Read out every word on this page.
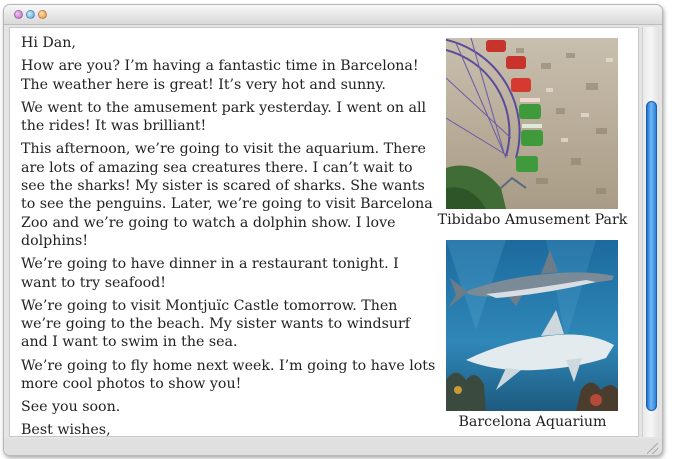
Hi Dan,

How are you? I’m having a fantastic time in Barcelona! The weather here is great! It’s very hot and sunny.

We went to the amusement park yesterday. I went on all the rides! It was brilliant!

This afternoon, we’re going to visit the aquarium. There are lots of amazing sea creatures there. I can’t wait to see the sharks! My sister is scared of sharks. She wants to see the penguins. Later, we’re going to visit Barcelona Zoo and we’re going to watch a dolphin show. I love dolphins!

We’re going to have dinner in a restaurant tonight. I want to try seafood!

We’re going to visit Montjuïc Castle tomorrow. Then we’re going to the beach. My sister wants to windsurf and I want to swim in the sea.

We’re going to fly home next week. I’m going to have lots more cool photos to show you!

See you soon.

Best wishes,
Tibidabo Amusement Park
Barcelona Aquarium
